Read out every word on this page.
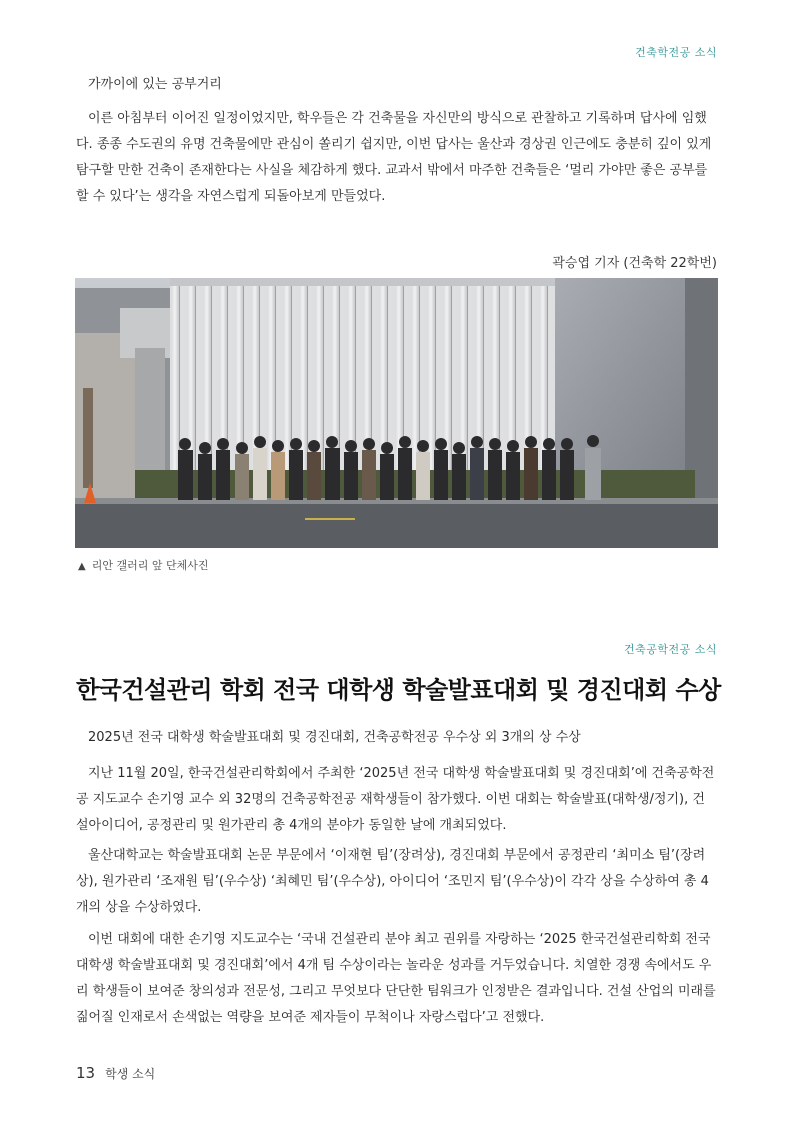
건축학전공 소식

가까이에 있는 공부거리

이른 아침부터 이어진 일정이었지만, 학우들은 각 건축물을 자신만의 방식으로 관찰하고 기록하며 답사에 임했다. 종종 수도권의 유명 건축물에만 관심이 쏠리기 쉽지만, 이번 답사는 울산과 경상권 인근에도 충분히 깊이 있게 탐구할 만한 건축이 존재한다는 사실을 체감하게 했다. 교과서 밖에서 마주한 건축들은 ‘멀리 가야만 좋은 공부를 할 수 있다’는 생각을 자연스럽게 되돌아보게 만들었다.

곽승엽 기자 (건축학 22학번)
▲ 리안 갤러리 앞 단체사진
건축공학전공 소식
한국건설관리 학회 전국 대학생 학술발표대회 및 경진대회 수상

2025년 전국 대학생 학술발표대회 및 경진대회, 건축공학전공 우수상 외 3개의 상 수상

지난 11월 20일, 한국건설관리학회에서 주최한 ‘2025년 전국 대학생 학술발표대회 및 경진대회’에 건축공학전공 지도교수 손기영 교수 외 32명의 건축공학전공 재학생들이 참가했다. 이번 대회는 학술발표(대학생/정기), 건설아이디어, 공정관리 및 원가관리 총 4개의 분야가 동일한 날에 개최되었다.

울산대학교는 학술발표대회 논문 부문에서 ‘이재현 팀’(장려상), 경진대회 부문에서 공정관리 ‘최미소 팀’(장려상), 원가관리 ‘조재원 팀’(우수상) ‘최혜민 팀’(우수상), 아이디어 ‘조민지 팀’(우수상)이 각각 상을 수상하여 총 4개의 상을 수상하였다.

이번 대회에 대한 손기영 지도교수는 ‘국내 건설관리 분야 최고 권위를 자랑하는 ‘2025 한국건설관리학회 전국 대학생 학술발표대회 및 경진대회’에서 4개 팀 수상이라는 놀라운 성과를 거두었습니다. 치열한 경쟁 속에서도 우리 학생들이 보여준 창의성과 전문성, 그리고 무엇보다 단단한 팀워크가 인정받은 결과입니다. 건설 산업의 미래를 짊어질 인재로서 손색없는 역량을 보여준 제자들이 무척이나 자랑스럽다’고 전했다.

13 학생 소식
